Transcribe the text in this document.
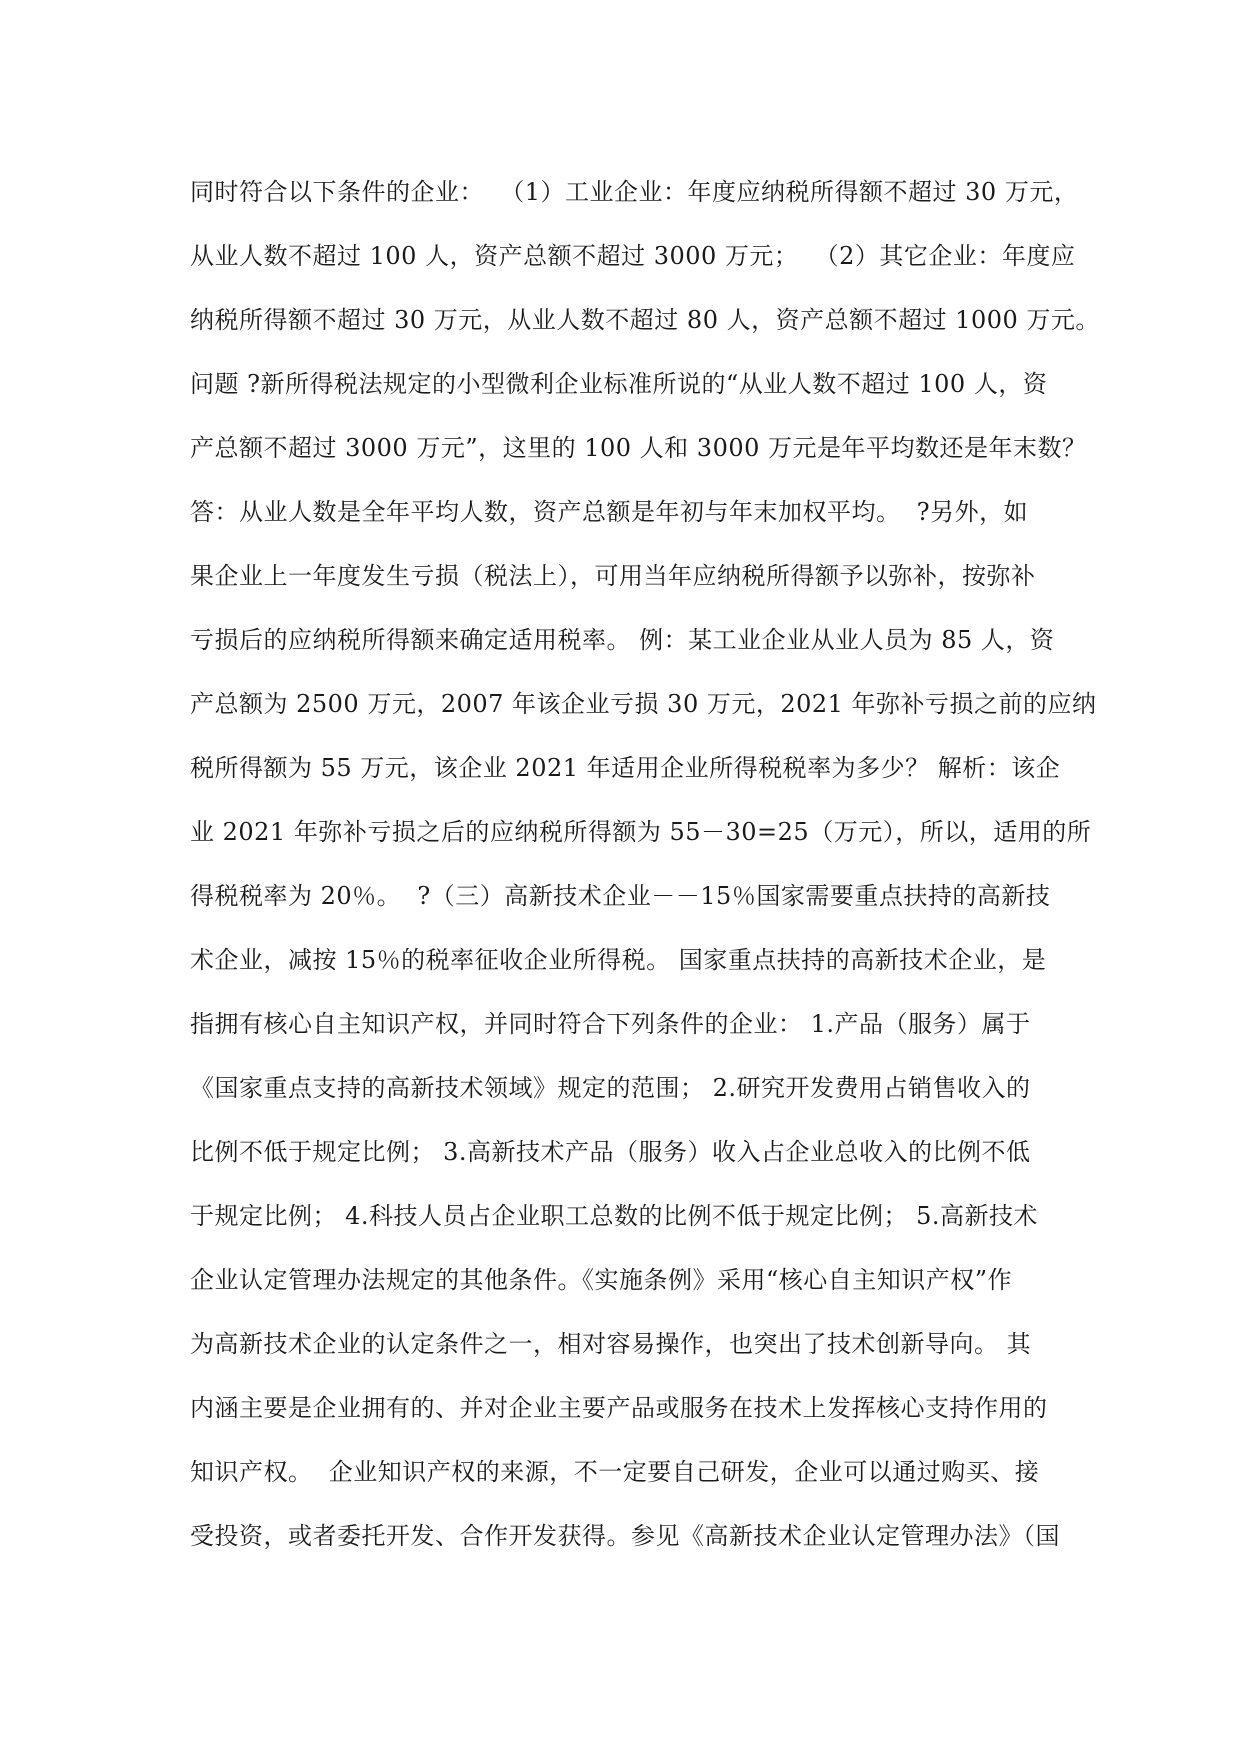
同时符合以下条件的企业：  （1）工业企业：年度应纳税所得额不超过 30 万元，
从业人数不超过 100 人，资产总额不超过 3000 万元；  （2）其它企业：年度应
纳税所得额不超过 30 万元，从业人数不超过 80 人，资产总额不超过 1000 万元。
问题 ?新所得税法规定的小型微利企业标准所说的“从业人数不超过 100 人，资
产总额不超过 3000 万元”，这里的 100 人和 3000 万元是年平均数还是年末数？
答：从业人数是全年平均人数，资产总额是年初与年末加权平均。  ?另外，如
果企业上一年度发生亏损（税法上），可用当年应纳税所得额予以弥补，按弥补
亏损后的应纳税所得额来确定适用税率。 例：某工业企业从业人员为 85 人，资
产总额为 2500 万元，2007 年该企业亏损 30 万元，2021 年弥补亏损之前的应纳
税所得额为 55 万元，该企业 2021 年适用企业所得税税率为多少？ 解析：该企
业 2021 年弥补亏损之后的应纳税所得额为 55－30=25（万元），所以，适用的所
得税税率为 20％。  ?（三）高新技术企业－－15％国家需要重点扶持的高新技
术企业，减按 15％的税率征收企业所得税。 国家重点扶持的高新技术企业，是
指拥有核心自主知识产权，并同时符合下列条件的企业： 1.产品（服务）属于
《国家重点支持的高新技术领域》规定的范围； 2.研究开发费用占销售收入的
比例不低于规定比例； 3.高新技术产品（服务）收入占企业总收入的比例不低
于规定比例； 4.科技人员占企业职工总数的比例不低于规定比例； 5.高新技术
企业认定管理办法规定的其他条件。《实施条例》采用“核心自主知识产权”作
为高新技术企业的认定条件之一，相对容易操作，也突出了技术创新导向。 其
内涵主要是企业拥有的、并对企业主要产品或服务在技术上发挥核心支持作用的
知识产权。  企业知识产权的来源，不一定要自己研发，企业可以通过购买、接
受投资，或者委托开发、合作开发获得。参见《高新技术企业认定管理办法》（国
